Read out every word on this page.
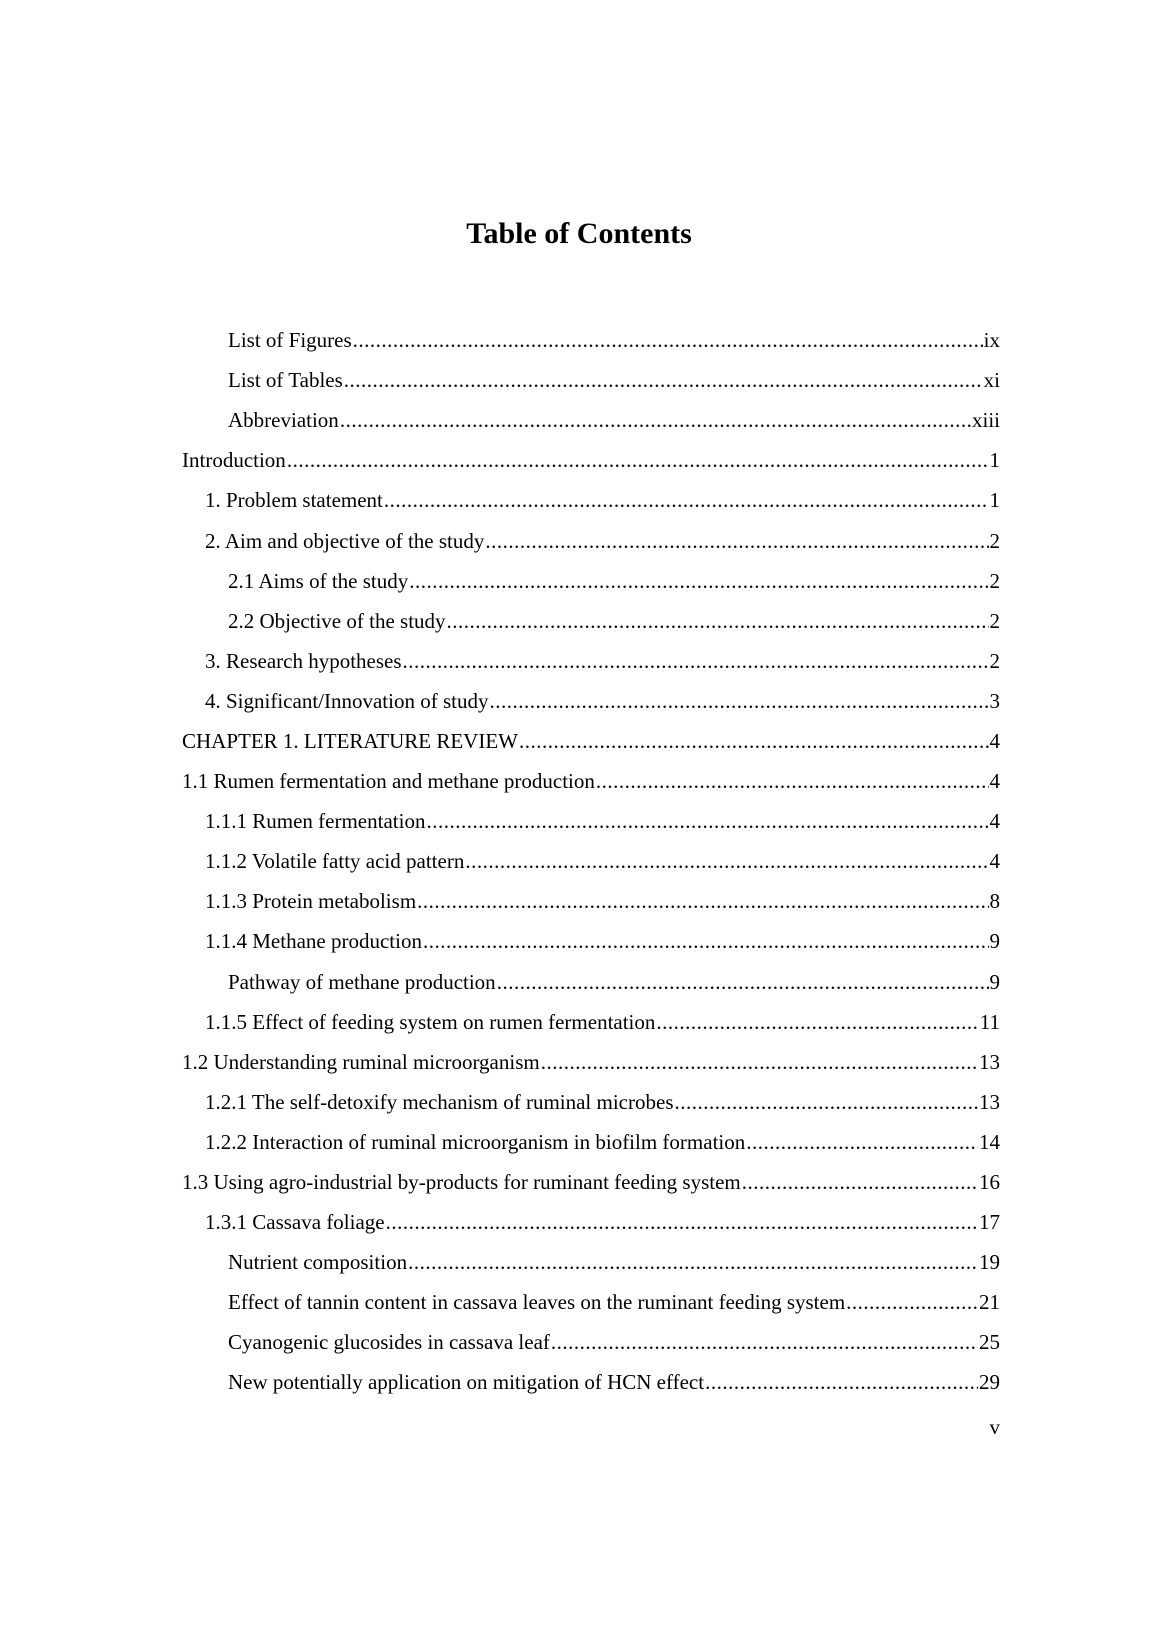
Table of Contents
List of Figures .....	ix
List of Tables .....	xi
Abbreviation .....	xiii
Introduction .....	1
1. Problem statement .....	1
2. Aim and objective of the study .....	2
2.1 Aims of the study .....	2
2.2 Objective of the study .....	2
3. Research hypotheses .....	2
4. Significant/Innovation of study .....	3
CHAPTER 1. LITERATURE REVIEW .....	4
1.1 Rumen fermentation and methane production .....	4
1.1.1 Rumen fermentation .....	4
1.1.2 Volatile fatty acid pattern .....	4
1.1.3 Protein metabolism .....	8
1.1.4 Methane production .....	9
Pathway of methane production .....	9
1.1.5 Effect of feeding system on rumen fermentation .....	11
1.2 Understanding ruminal microorganism .....	13
1.2.1 The self-detoxify mechanism of ruminal microbes .....	13
1.2.2 Interaction of ruminal microorganism in biofilm formation .....	14
1.3 Using agro-industrial by-products for ruminant feeding system .....	16
1.3.1 Cassava foliage .....	17
Nutrient composition .....	19
Effect of tannin content in cassava leaves on the ruminant feeding system .....	21
Cyanogenic glucosides in cassava leaf .....	25
New potentially application on mitigation of HCN effect .....	29
v
